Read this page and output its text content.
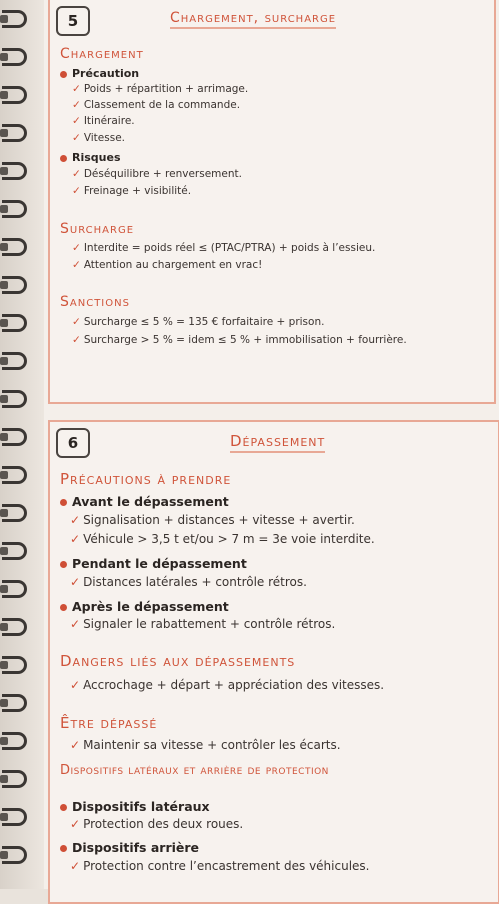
5	Chargement, surcharge
Chargement
Précaution
✓ Poids + répartition + arrimage.
✓ Classement de la commande.
✓ Itinéraire.
✓ Vitesse.
Risques
✓ Déséquilibre + renversement.
✓ Freinage + visibilité.
Surcharge
✓ Interdite = poids réel ≤ (PTAC/PTRA) + poids à l’essieu.
✓ Attention au chargement en vrac!
Sanctions
✓ Surcharge ≤ 5 % = 135 € forfaitaire + prison.
✓ Surcharge > 5 % = idem ≤ 5 % + immobilisation + fourrière.
6	Dépassement
Précautions à prendre
Avant le dépassement
✓ Signalisation + distances + vitesse + avertir.
✓ Véhicule > 3,5 t et/ou > 7 m = 3e voie interdite.
Pendant le dépassement
✓ Distances latérales + contrôle rétros.
Après le dépassement
✓ Signaler le rabattement + contrôle rétros.
Dangers liés aux dépassements
✓ Accrochage + départ + appréciation des vitesses.
Être dépassé
✓ Maintenir sa vitesse + contrôler les écarts.
Dispositifs latéraux et arrière de protection
Dispositifs latéraux
✓ Protection des deux roues.
Dispositifs arrière
✓ Protection contre l’encastrement des véhicules.
